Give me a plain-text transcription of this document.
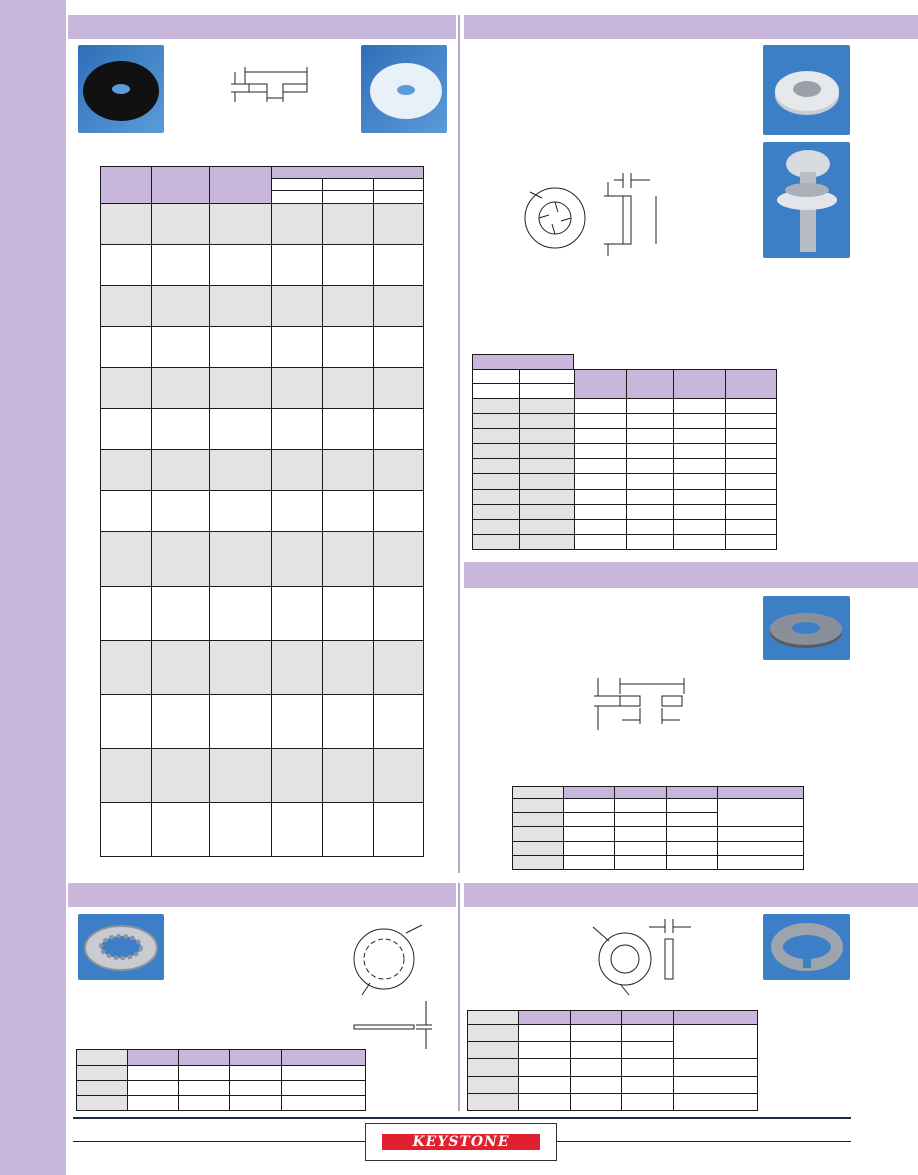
KEYSTONE
